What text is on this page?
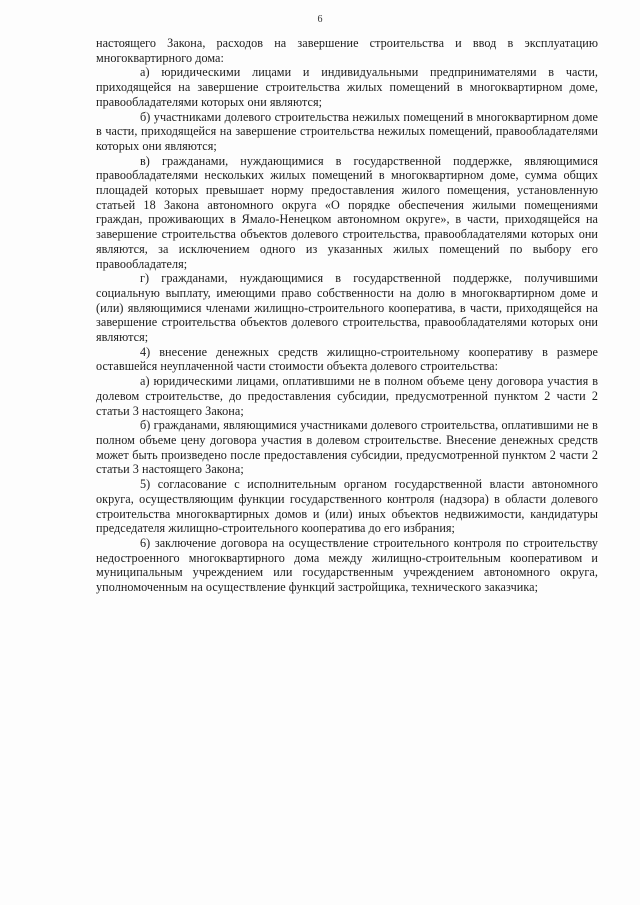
6

настоящего Закона, расходов на завершение строительства и ввод в эксплуатацию многоквартирного дома:

а) юридическими лицами и индивидуальными предпринимателями в части, приходящейся на завершение строительства жилых помещений в многоквартирном доме, правообладателями которых они являются;

б) участниками долевого строительства нежилых помещений в многоквартирном доме в части, приходящейся на завершение строительства нежилых помещений, правообладателями которых они являются;

в) гражданами, нуждающимися в государственной поддержке, являющимися правообладателями нескольких жилых помещений в многоквартирном доме, сумма общих площадей которых превышает норму предоставления жилого помещения, установленную статьей 18 Закона автономного округа «О порядке обеспечения жилыми помещениями граждан, проживающих в Ямало-Ненецком автономном округе», в части, приходящейся на завершение строительства объектов долевого строительства, правообладателями которых они являются, за исключением одного из указанных жилых помещений по выбору его правообладателя;

г) гражданами, нуждающимися в государственной поддержке, получившими социальную выплату, имеющими право собственности на долю в многоквартирном доме и (или) являющимися членами жилищно-строительного кооператива, в части, приходящейся на завершение строительства объектов долевого строительства, правообладателями которых они являются;

4) внесение денежных средств жилищно-строительному кооперативу в размере оставшейся неуплаченной части стоимости объекта долевого строительства:

а) юридическими лицами, оплатившими не в полном объеме цену договора участия в долевом строительстве, до предоставления субсидии, предусмотренной пунктом 2 части 2 статьи 3 настоящего Закона;

б) гражданами, являющимися участниками долевого строительства, оплатившими не в полном объеме цену договора участия в долевом строительстве. Внесение денежных средств может быть произведено после предоставления субсидии, предусмотренной пунктом 2 части 2 статьи 3 настоящего Закона;

5) согласование с исполнительным органом государственной власти автономного округа, осуществляющим функции государственного контроля (надзора) в области долевого строительства многоквартирных домов и (или) иных объектов недвижимости, кандидатуры председателя жилищно-строительного кооператива до его избрания;

6) заключение договора на осуществление строительного контроля по строительству недостроенного многоквартирного дома между жилищно-строительным кооперативом и муниципальным учреждением или государственным учреждением автономного округа, уполномоченным на осуществление функций застройщика, технического заказчика;
